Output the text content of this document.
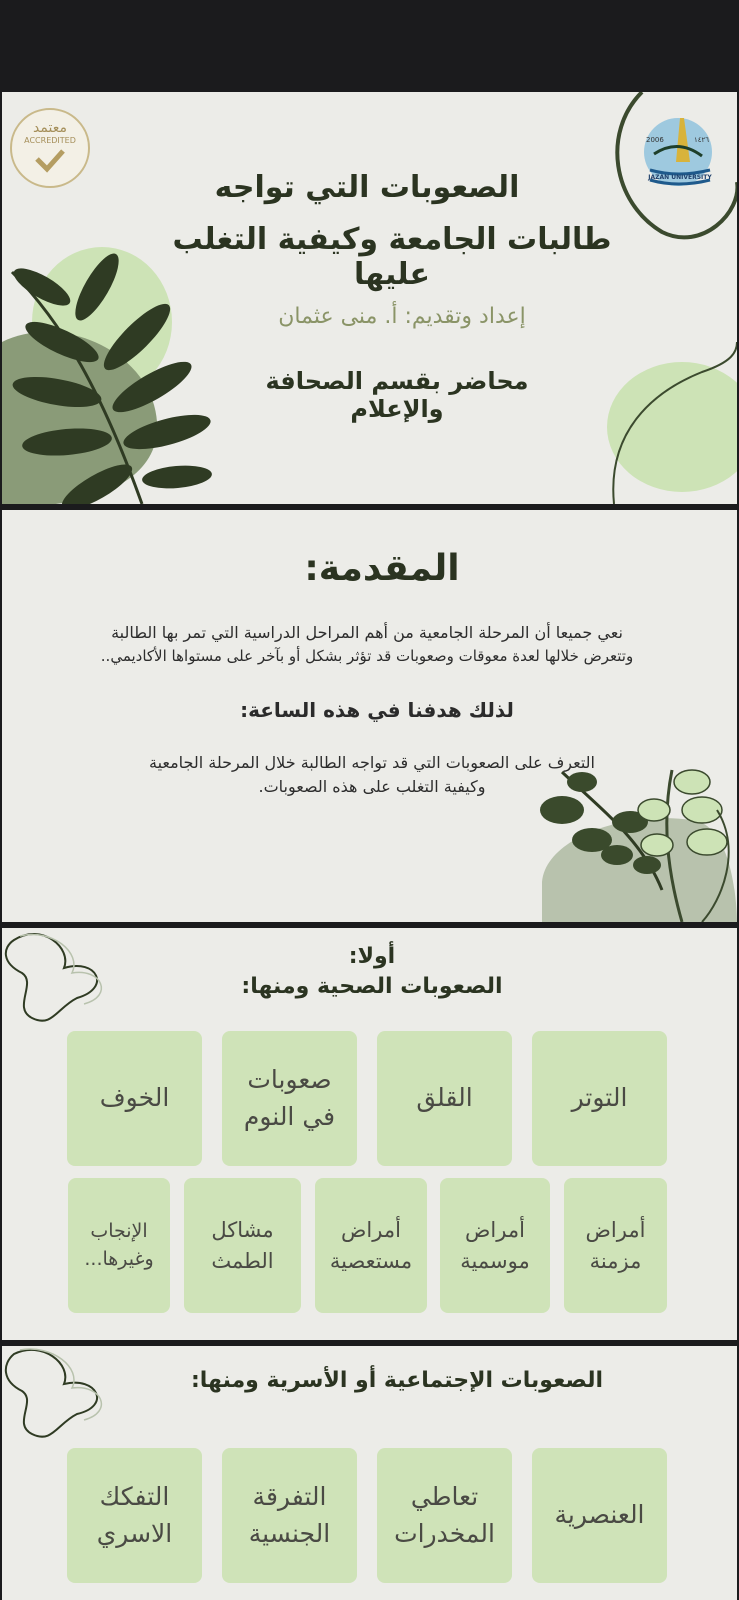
معتمد
ACCREDITED	2006	١٤٢٦
JAZAN UNIVERSITY
الصعوبات التي تواجه
طالبات الجامعة وكيفية التغلب عليها
إعداد وتقديم: أ. منى عثمان
محاضر بقسم الصحافة والإعلام
المقدمة:
نعي جميعا أن المرحلة الجامعية من أهم المراحل الدراسية التي تمر بها الطالبة
وتتعرض خلالها لعدة معوقات وصعوبات قد تؤثر بشكل أو بآخر على مستواها الأكاديمي..
لذلك هدفنا في هذه الساعة:
التعرف على الصعوبات التي قد تواجه الطالبة خلال المرحلة الجامعية
وكيفية التغلب على هذه الصعوبات.
أولا:
الصعوبات الصحية ومنها:
التوتر
القلق
صعوبات في النوم
الخوف
أمراض مزمنة
أمراض موسمية
أمراض مستعصية
مشاكل الطمث
الإنجاب وغيرها...
الصعوبات الإجتماعية أو الأسرية ومنها:
العنصرية
تعاطي المخدرات
التفرقة الجنسية
التفكك الاسري
